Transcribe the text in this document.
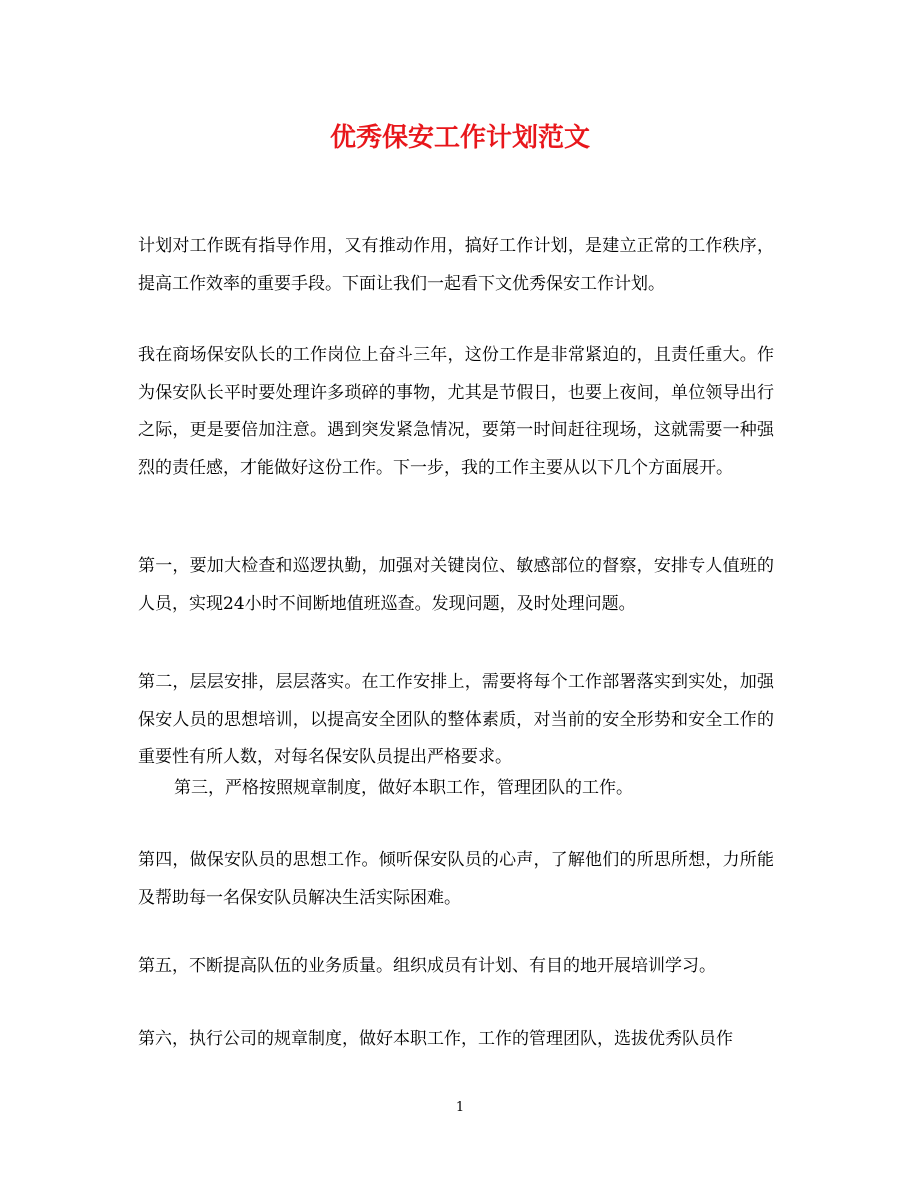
优秀保安工作计划范文

计划对工作既有指导作用，又有推动作用，搞好工作计划，是建立正常的工作秩序，提高工作效率的重要手段。下面让我们一起看下文优秀保安工作计划。

我在商场保安队长的工作岗位上奋斗三年，这份工作是非常紧迫的，且责任重大。作为保安队长平时要处理许多琐碎的事物，尤其是节假日，也要上夜间，单位领导出行之际，更是要倍加注意。遇到突发紧急情况，要第一时间赶往现场，这就需要一种强烈的责任感，才能做好这份工作。下一步，我的工作主要从以下几个方面展开。

第一，要加大检查和巡逻执勤，加强对关键岗位、敏感部位的督察，安排专人值班的人员，实现24小时不间断地值班巡查。发现问题，及时处理问题。

第二，层层安排，层层落实。在工作安排上，需要将每个工作部署落实到实处，加强保安人员的思想培训，以提高安全团队的整体素质，对当前的安全形势和安全工作的重要性有所人数，对每名保安队员提出严格要求。

第三，严格按照规章制度，做好本职工作，管理团队的工作。

第四，做保安队员的思想工作。倾听保安队员的心声，了解他们的所思所想，力所能及帮助每一名保安队员解决生活实际困难。

第五，不断提高队伍的业务质量。组织成员有计划、有目的地开展培训学习。

第六，执行公司的规章制度，做好本职工作，工作的管理团队，选拔优秀队员作

1
